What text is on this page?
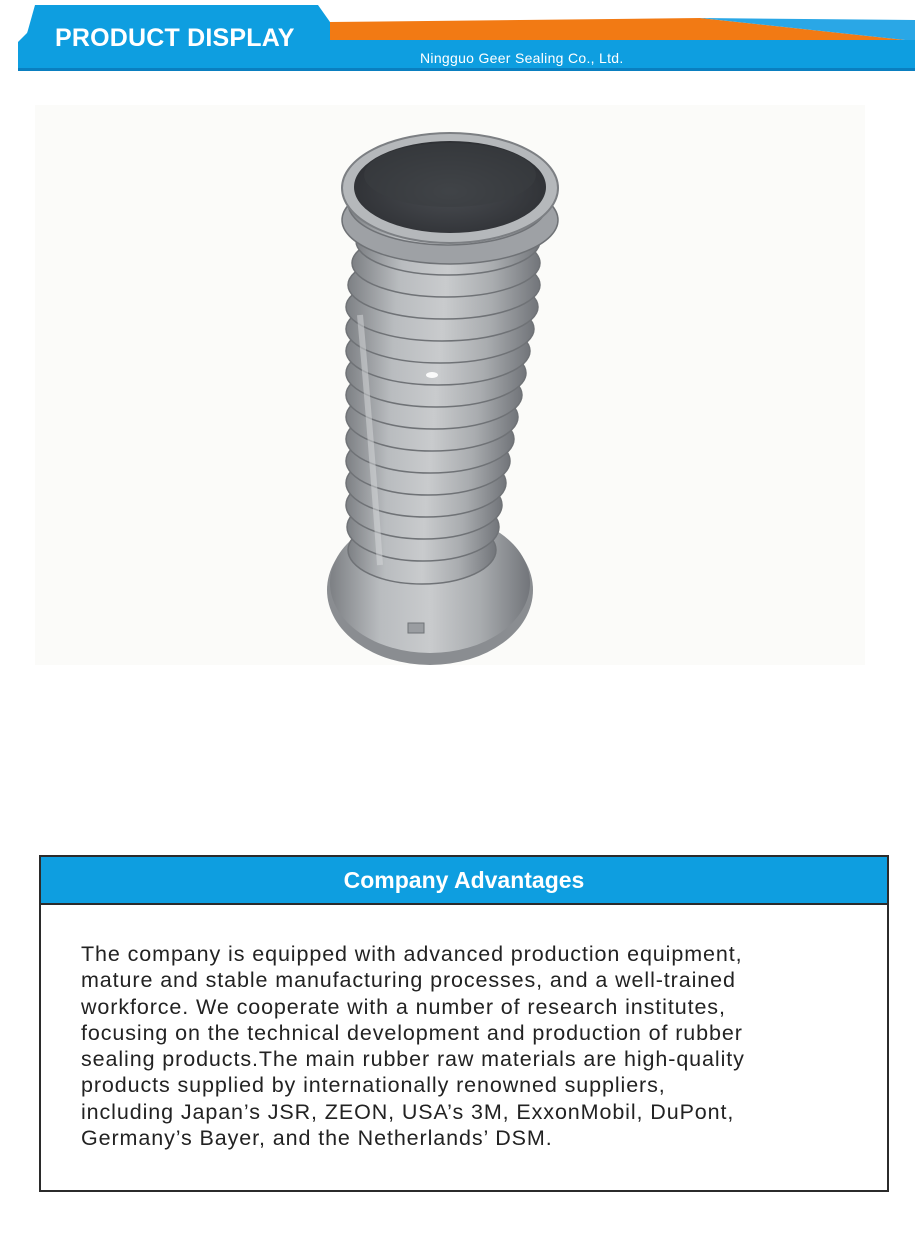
PRODUCT DISPLAY
Ningguo Geer Sealing Co., Ltd.
Company Advantages
The company is equipped with advanced production equipment,
mature and stable manufacturing processes, and a well-trained
workforce. We cooperate with a number of research institutes,
focusing on the technical development and production of rubber
sealing products.The main rubber raw materials are high-quality
products supplied by internationally renowned suppliers,
including Japan’s JSR, ZEON, USA’s 3M, ExxonMobil, DuPont,
Germany’s Bayer, and the Netherlands’ DSM.
